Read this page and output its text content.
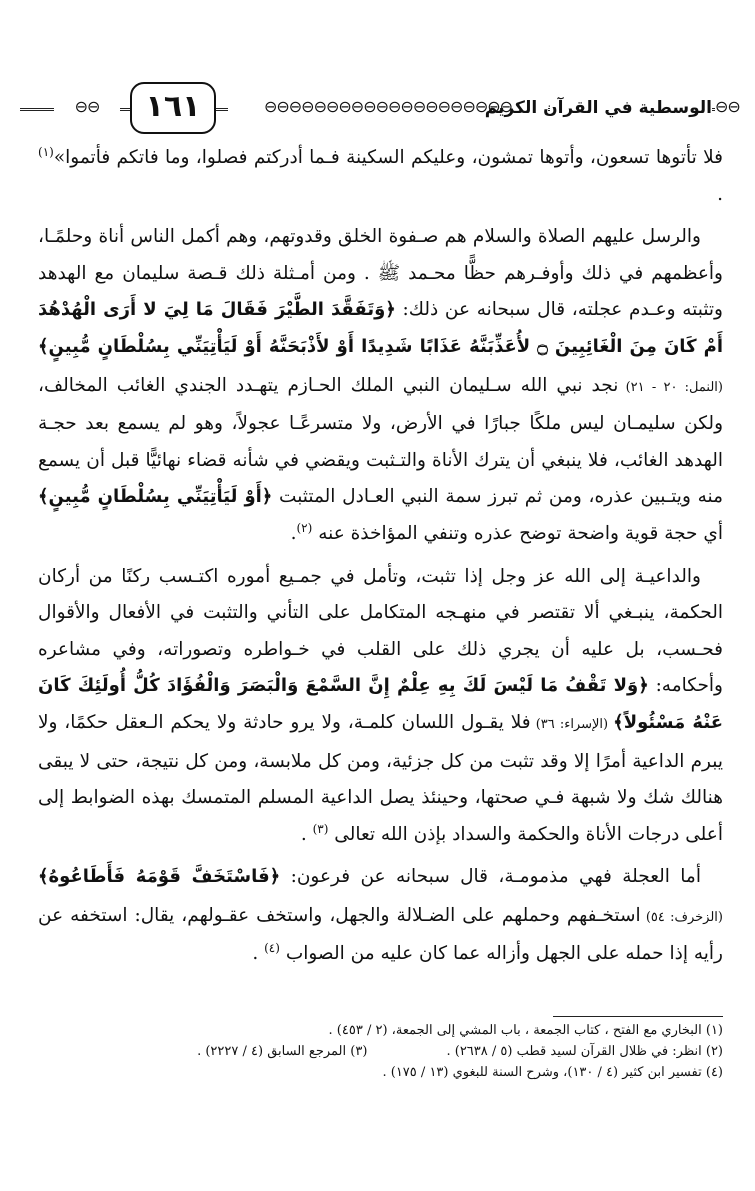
⊖⊖	١٦١	⊖⊖⊖⊖⊖⊖⊖⊖⊖⊖⊖⊖⊖⊖⊖⊖⊖⊖⊖⊖
الوسطية في القرآن الكريم ⊖⊖

فلا تأتوها تسعون، وأتوها تمشون، وعليكم السكينة فـما أدركتم فصلوا، وما فاتكم فأتموا»$^{(١)}$ .

والرسل عليهم الصلاة والسلام هم صـفوة الخلق وقدوتهم، وهم أكمل الناس أناة وحلمًـا، وأعظمهم في ذلك وأوفـرهم حظًّا محـمد ﷺ . ومن أمـثلة ذلك قـصة سليمان مع الهدهد وتثبته وعـدم عجلته، قال سبحانه عن ذلك: ﴿وَتَفَقَّدَ الطَّيْرَ فَقَالَ مَا لِيَ لا أَرَى الْهُدْهُدَ أَمْ كَانَ مِنَ الْغَائِبِينَ ۝ لأُعَذِّبَنَّهُ عَذَابًا شَدِيدًا أَوْ لأَذْبَحَنَّهُ أَوْ لَيَأْتِيَنِّي بِسُلْطَانٍ مُّبِينٍ﴾ (النمل: ٢٠ - ٢١) نجد نبي الله سـليمان النبي الملك الحـازم يتهـدد الجندي الغائب المخالف، ولكن سليمـان ليس ملكًا جبارًا في الأرض، ولا متسرعًـا عجولاً، وهو لم يسمع بعد حجـة الهدهد الغائب، فلا ينبغي أن يترك الأناة والتـثبت ويقضي في شأنه قضاء نهائيًّا قبل أن يسمع منه ويتـبين عذره، ومن ثم تبرز سمة النبي العـادل المتثبت ﴿أَوْ لَيَأْتِيَنِّي بِسُلْطَانٍ مُّبِينٍ﴾ أي حجة قوية واضحة توضح عذره وتنفي المؤاخذة عنه $^{(٢)}$.

والداعيـة إلى الله عز وجل إذا تثبت، وتأمل في جمـيع أموره اكتـسب ركنًا من أركان الحكمة، ينبـغي ألا تقتصر في منهـجه المتكامل على التأني والتثبت في الأفعال والأقوال فحـسب، بل عليه أن يجري ذلك على القلب في خـواطره وتصوراته، وفي مشاعره وأحكامه: ﴿وَلا تَقْفُ مَا لَيْسَ لَكَ بِهِ عِلْمٌ إِنَّ السَّمْعَ وَالْبَصَرَ وَالْفُؤَادَ كُلُّ أُولَئِكَ كَانَ عَنْهُ مَسْئُولاً﴾ (الإسراء: ٣٦) فلا يقـول اللسان كلمـة، ولا يرو حادثة ولا يحكم الـعقل حكمًا، ولا يبرم الداعية أمرًا إلا وقد تثبت من كل جزئية، ومن كل ملابسة، ومن كل نتيجة، حتى لا يبقى هنالك شك ولا شبهة فـي صحتها، وحينئذ يصل الداعية المسلم المتمسك بهذه الضوابط إلى أعلى درجات الأناة والحكمة والسداد بإذن الله تعالى $^{(٣)}$ .

أما العجلة فهي مذمومـة، قال سبحانه عن فرعون: ﴿فَاسْتَخَفَّ قَوْمَهُ فَأَطَاعُوهُ﴾ (الزخرف: ٥٤) استخـفهم وحملهم على الضـلالة والجهل، واستخف عقـولهم، يقال: استخفه عن رأيه إذا حمله على الجهل وأزاله عما كان عليه من الصواب $^{(٤)}$ .

(١) البخاري مع الفتح ، كتاب الجمعة ، باب المشي إلى الجمعة، (٢ / ٤٥٣) .
(٢) انظر: في ظلال القرآن لسيد قطب (٥ / ٢٦٣٨) .
(٣) المرجع السابق (٤ / ٢٢٢٧) .
(٤) تفسير ابن كثير (٤ / ١٣٠)، وشرح السنة للبغوي (١٣ / ١٧٥) .
